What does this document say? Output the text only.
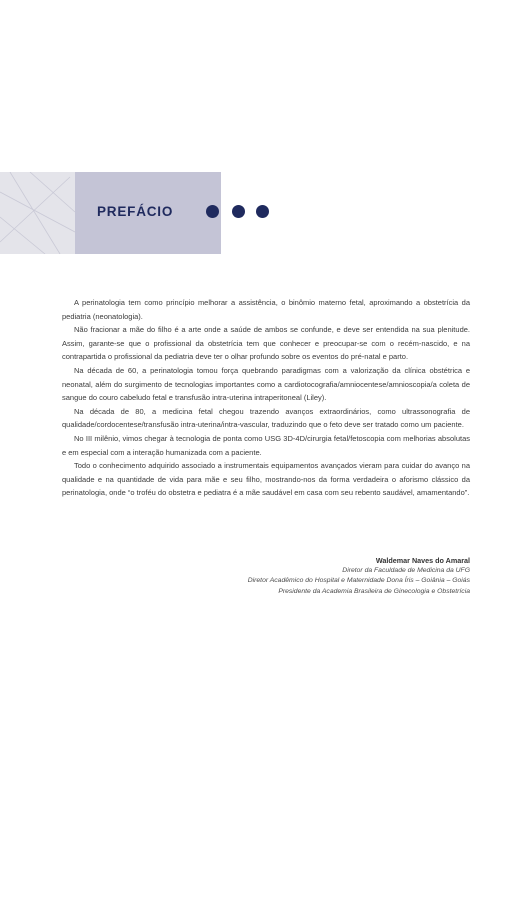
PREFÁCIO

A perinatologia tem como princípio melhorar a assistência, o binômio materno fetal, aproximando a obstetrícia da pediatria (neonatologia).

Não fracionar a mãe do filho é a arte onde a saúde de ambos se confunde, e deve ser entendida na sua plenitude. Assim, garante-se que o profissional da obstetrícia tem que conhecer e preocupar-se com o recém-nascido, e na contrapartida o profissional da pediatria deve ter o olhar profundo sobre os eventos do pré-natal e parto.

Na década de 60, a perinatologia tomou força quebrando paradigmas com a valorização da clínica obstétrica e neonatal, além do surgimento de tecnologias importantes como a cardiotocografia/amniocentese/amnioscopia/a coleta de sangue do couro cabeludo fetal e transfusão intra-uterina intraperitoneal (Liley).

Na década de 80, a medicina fetal chegou trazendo avanços extraordinários, como ultrassonografia de qualidade/cordocentese/transfusão intra-uterina/intra-vascular, traduzindo que o feto deve ser tratado como um paciente.

No III milênio, vimos chegar à tecnologia de ponta como USG 3D-4D/cirurgia fetal/fetoscopia com melhorias absolutas e em especial com a interação humanizada com a paciente.

Todo o conhecimento adquirido associado a instrumentais equipamentos avançados vieram para cuidar do avanço na qualidade e na quantidade de vida para mãe e seu filho, mostrando-nos da forma verdadeira o aforismo clássico da perinatologia, onde “o troféu do obstetra e pediatra é a mãe saudável em casa com seu rebento saudável, amamentando”.

Waldemar Naves do Amaral
Diretor da Faculdade de Medicina da UFG
Diretor Acadêmico do Hospital e Maternidade Dona Íris – Goiânia – Goiás
Presidente da Academia Brasileira de Ginecologia e Obstetrícia
